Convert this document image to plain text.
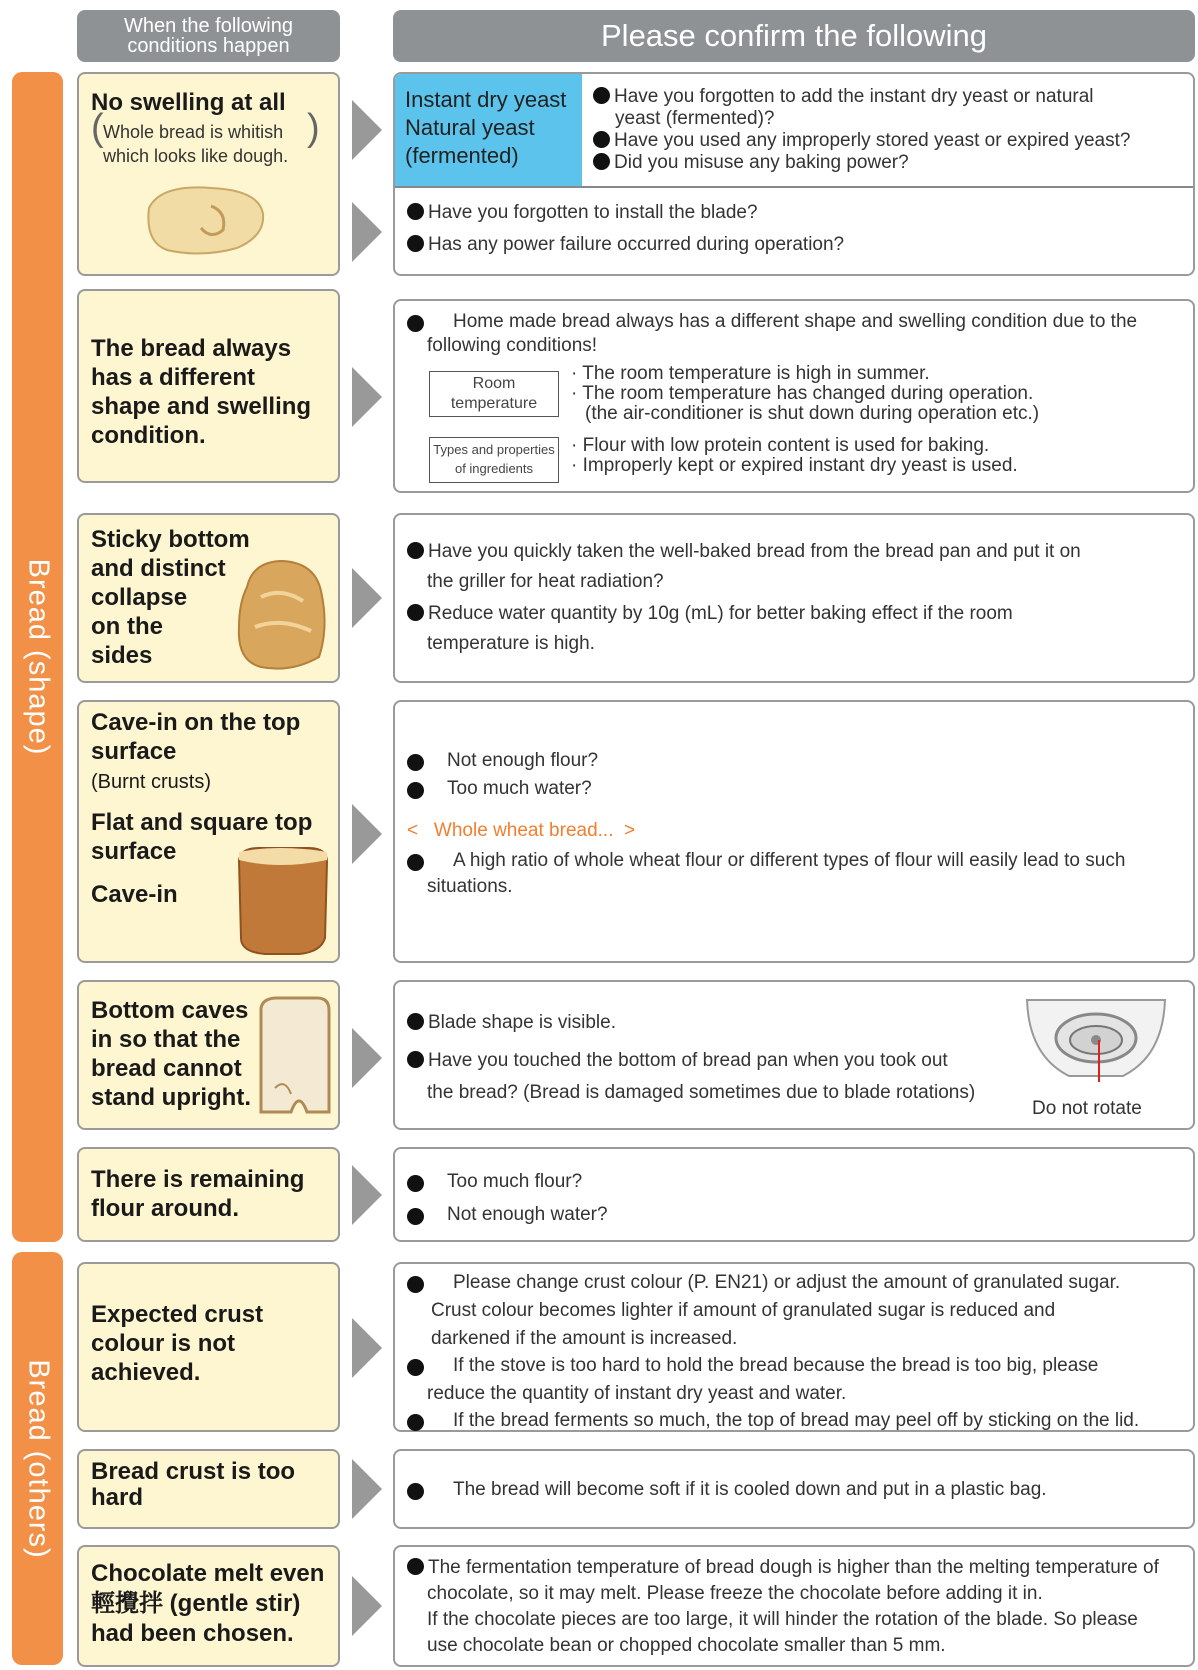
When the following conditions happen	Please confirm the following
Bread (shape)
Bread (others)
No swelling at all
( Whole bread is whitish
which looks like dough.
)
Instant dry yeast
Natural yeast
(fermented)
Have you forgotten to add the instant dry yeast or natural
yeast (fermented)?
Have you used any improperly stored yeast or expired yeast?
Did you misuse any baking power?
Have you forgotten to install the blade?
Has any power failure occurred during operation?
The bread always
has a different
shape and swelling
condition.
Home made bread always has a different shape and swelling condition due to the
following conditions!
Room
temperature
· The room temperature is high in summer.
· The room temperature has changed during operation.
(the air-conditioner is shut down during operation etc.)
Types and properties
of ingredients
· Flour with low protein content is used for baking.
· Improperly kept or expired instant dry yeast is used.
Sticky bottom
and distinct
collapse
on the
sides
Have you quickly taken the well-baked bread from the bread pan and put it on
the griller for heat radiation?
Reduce water quantity by 10g (mL) for better baking effect if the room
temperature is high.
Cave-in on the top
surface
(Burnt crusts)
Flat and square top
surface
Cave-in
Not enough flour?
Too much water?
<   Whole wheat bread...  >
A high ratio of whole wheat flour or different types of flour will easily lead to such
situations.
Bottom caves
in so that the
bread cannot
stand upright.
Blade shape is visible.
Have you touched the bottom of bread pan when you took out
the bread? (Bread is damaged sometimes due to blade rotations)
Do not rotate
There is remaining
flour around.
Too much flour?
Not enough water?
Expected crust
colour is not
achieved.
Please change crust colour (P. EN21) or adjust the amount of granulated sugar.
Crust colour becomes lighter if amount of granulated sugar is reduced and
darkened if the amount is increased.
If the stove is too hard to hold the bread because the bread is too big, please
reduce the quantity of instant dry yeast and water.
If the bread ferments so much, the top of bread may peel off by sticking on the lid.
Bread crust is too
hard	The bread will become soft if it is cooled down and put in a plastic bag.
Chocolate melt even
輕攪拌 (gentle stir)
had been chosen.
The fermentation temperature of bread dough is higher than the melting temperature of
chocolate, so it may melt. Please freeze the chocolate before adding it in.
If the chocolate pieces are too large, it will hinder the rotation of the blade. So please
use chocolate bean or chopped chocolate smaller than 5 mm.
